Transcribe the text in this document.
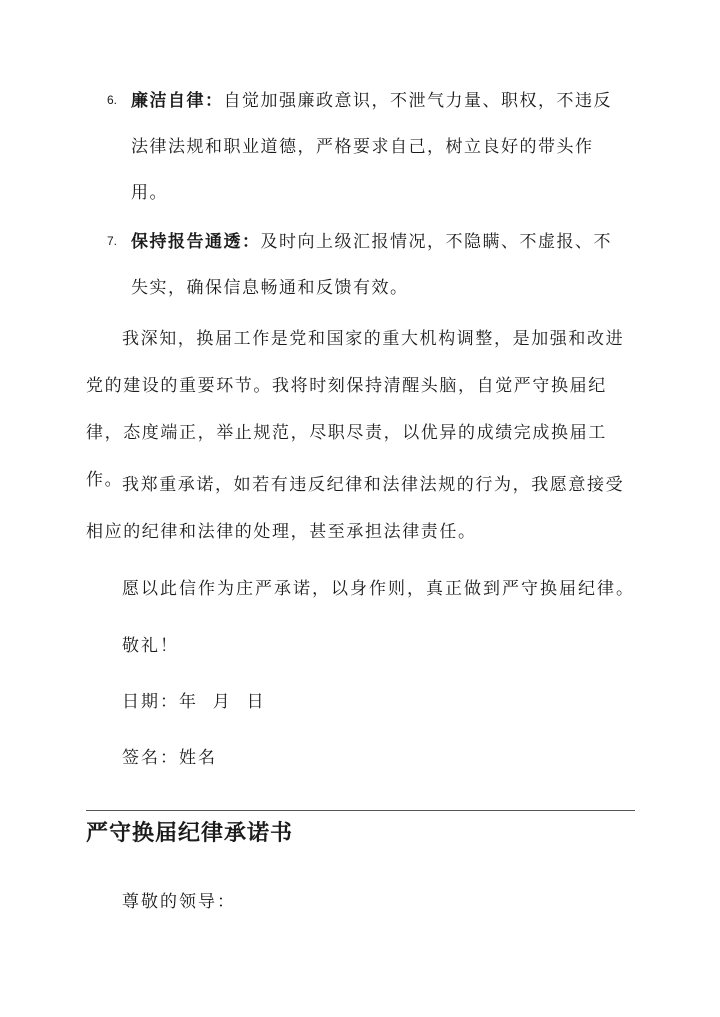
6. 廉洁自律：自觉加强廉政意识，不泄气力量、职权，不违反法律法规和职业道德，严格要求自己，树立良好的带头作用。
7. 保持报告通透：及时向上级汇报情况，不隐瞒、不虚报、不失实，确保信息畅通和反馈有效。

我深知，换届工作是党和国家的重大机构调整，是加强和改进党的建设的重要环节。我将时刻保持清醒头脑，自觉严守换届纪律，态度端正，举止规范，尽职尽责，以优异的成绩完成换届工作。

我郑重承诺，如若有违反纪律和法律法规的行为，我愿意接受相应的纪律和法律的处理，甚至承担法律责任。

愿以此信作为庄严承诺，以身作则，真正做到严守换届纪律。

敬礼！

日期：年  月  日

签名：姓名

严守换届纪律承诺书

尊敬的领导：
